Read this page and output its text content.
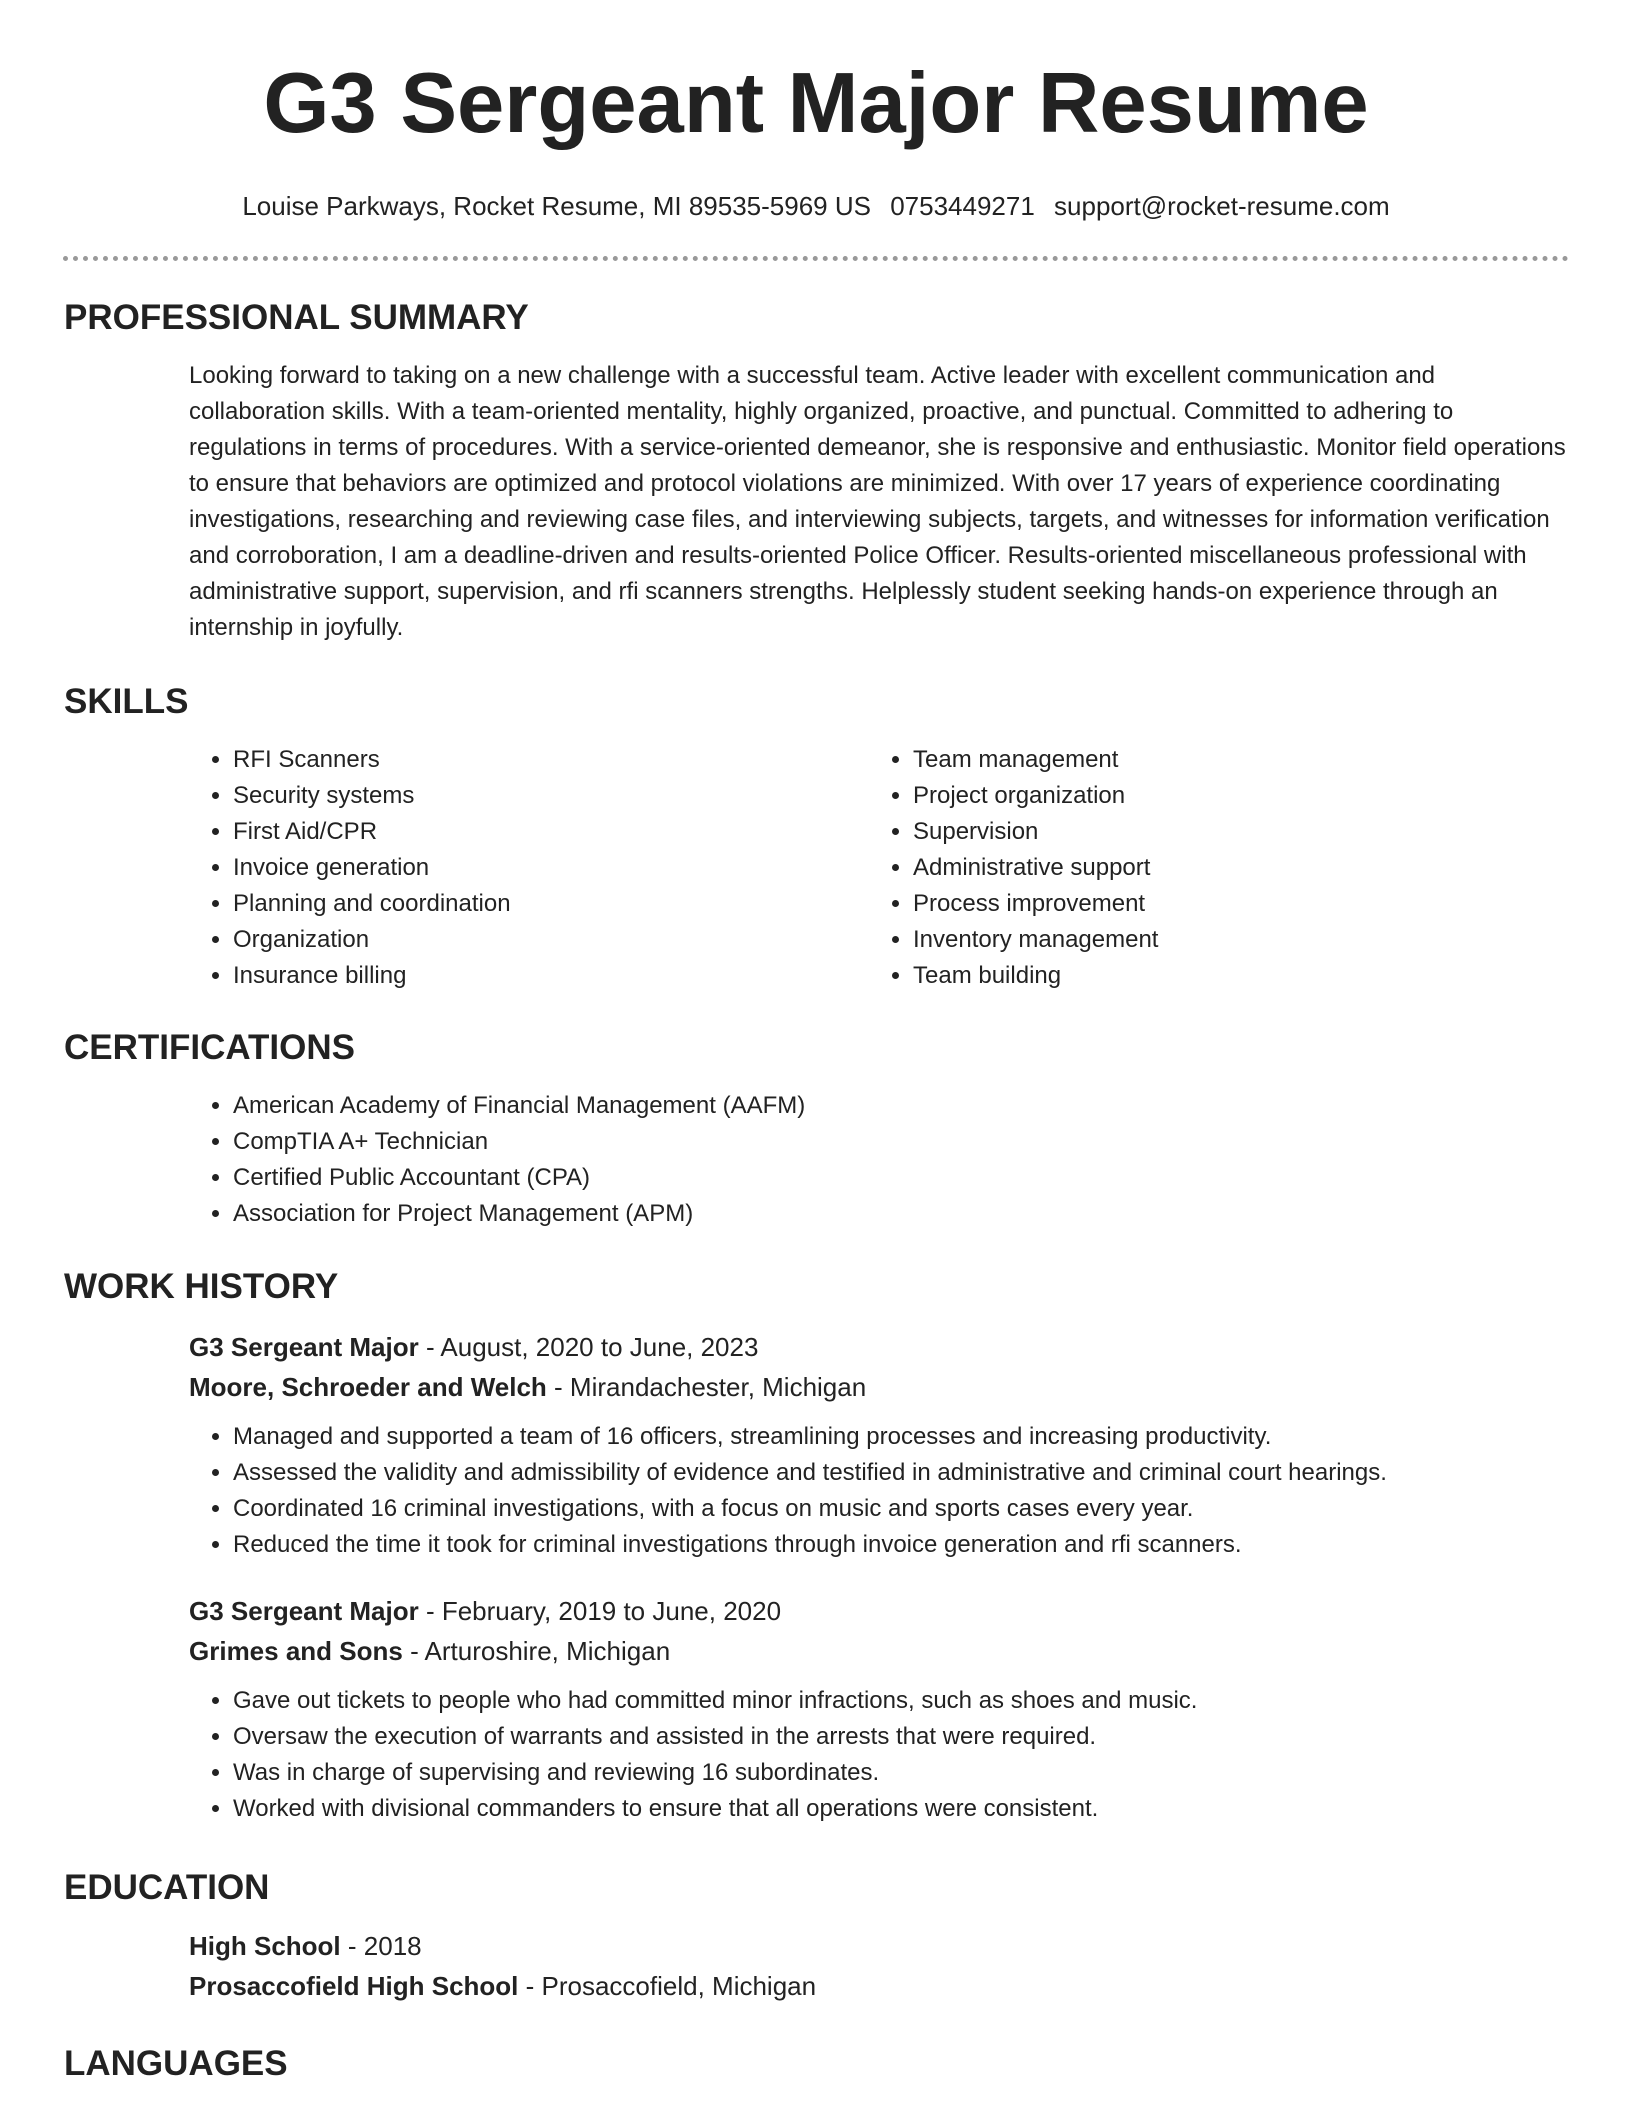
G3 Sergeant Major Resume
Louise Parkways, Rocket Resume, MI 89535-5969 US 0753449271 support@rocket-resume.com
PROFESSIONAL SUMMARY

Looking forward to taking on a new challenge with a successful team. Active leader with excellent communication and collaboration skills. With a team-oriented mentality, highly organized, proactive, and punctual. Committed to adhering to regulations in terms of procedures. With a service-oriented demeanor, she is responsive and enthusiastic. Monitor field operations to ensure that behaviors are optimized and protocol violations are minimized. With over 17 years of experience coordinating investigations, researching and reviewing case files, and interviewing subjects, targets, and witnesses for information verification and corroboration, I am a deadline-driven and results-oriented Police Officer. Results-oriented miscellaneous professional with administrative support, supervision, and rfi scanners strengths. Helplessly student seeking hands-on experience through an internship in joyfully.

SKILLS
• RFI Scanners
• Security systems
• First Aid/CPR
• Invoice generation
• Planning and coordination
• Organization
• Insurance billing
• Team management
• Project organization
• Supervision
• Administrative support
• Process improvement
• Inventory management
• Team building
CERTIFICATIONS
• American Academy of Financial Management (AAFM)
• CompTIA A+ Technician
• Certified Public Accountant (CPA)
• Association for Project Management (APM)
WORK HISTORY
G3 Sergeant Major - August, 2020 to June, 2023
Moore, Schroeder and Welch - Mirandachester, Michigan
• Managed and supported a team of 16 officers, streamlining processes and increasing productivity.
• Assessed the validity and admissibility of evidence and testified in administrative and criminal court hearings.
• Coordinated 16 criminal investigations, with a focus on music and sports cases every year.
• Reduced the time it took for criminal investigations through invoice generation and rfi scanners.
G3 Sergeant Major - February, 2019 to June, 2020
Grimes and Sons - Arturoshire, Michigan
• Gave out tickets to people who had committed minor infractions, such as shoes and music.
• Oversaw the execution of warrants and assisted in the arrests that were required.
• Was in charge of supervising and reviewing 16 subordinates.
• Worked with divisional commanders to ensure that all operations were consistent.
EDUCATION
High School - 2018
Prosaccofield High School - Prosaccofield, Michigan
LANGUAGES
